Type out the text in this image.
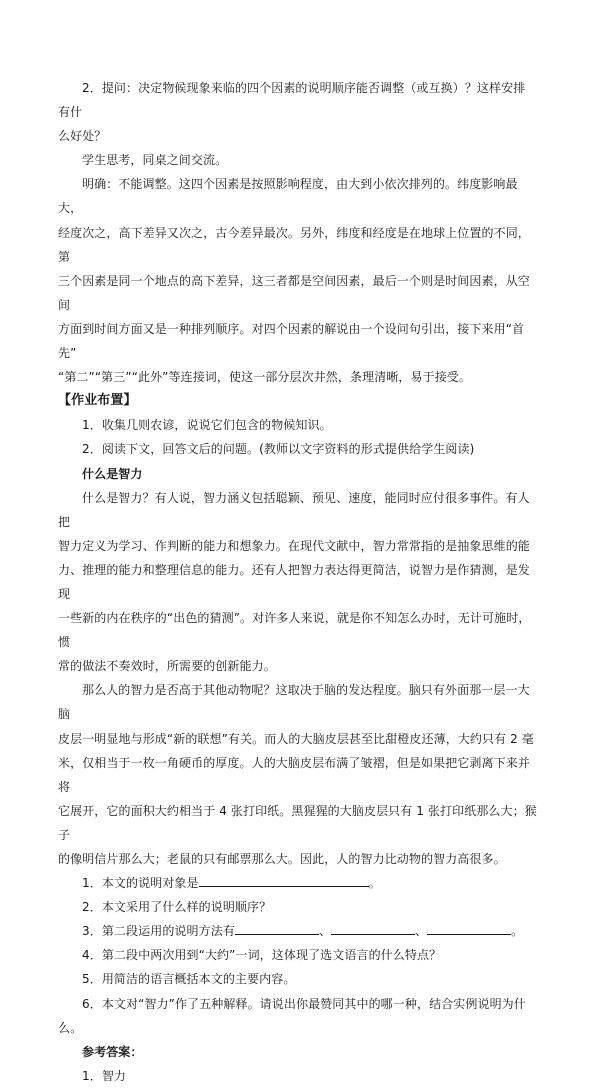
2．提问：决定物候现象来临的四个因素的说明顺序能否调整（或互换）？这样安排有什

么好处？

学生思考，同桌之间交流。

明确：不能调整。这四个因素是按照影响程度，由大到小依次排列的。纬度影响最大，

经度次之，高下差异又次之，古今差异最次。另外，纬度和经度是在地球上位置的不同，第

三个因素是同一个地点的高下差异，这三者都是空间因素，最后一个则是时间因素，从空间

方面到时间方面又是一种排列顺序。对四个因素的解说由一个设问句引出，接下来用“首先”

“第二”“第三”“此外”等连接词，使这一部分层次井然，条理清晰，易于接受。

【作业布置】

1．收集几则农谚，说说它们包含的物候知识。

2．阅读下文，回答文后的问题。(教师以文字资料的形式提供给学生阅读)

什么是智力

什么是智力？有人说，智力涵义包括聪颖、预见、速度，能同时应付很多事件。有人把

智力定义为学习、作判断的能力和想象力。在现代文献中，智力常常指的是抽象思维的能

力、推理的能力和整理信息的能力。还有人把智力表达得更简洁，说智力是作猜测，是发现

一些新的内在秩序的“出色的猜测”。对许多人来说，就是你不知怎么办时，无计可施时，惯

常的做法不奏效时，所需要的创新能力。

那么人的智力是否高于其他动物呢？这取决于脑的发达程度。脑只有外面那一层一大脑

皮层一明显地与形成“新的联想”有关。而人的大脑皮层甚至比甜橙皮还薄，大约只有 2 毫

米，仅相当于一枚一角硬币的厚度。人的大脑皮层布满了皱褶，但是如果把它剥离下来并将

它展开，它的面积大约相当于 4 张打印纸。黑猩猩的大脑皮层只有 1 张打印纸那么大；猴子

的像明信片那么大；老鼠的只有邮票那么大。因此，人的智力比动物的智力高很多。

1．本文的说明对象是	。

2．本文采用了什么样的说明顺序？

3．第二段运用的说明方法有	、	、	。

4．第二段中两次用到“大约”一词，这体现了选文语言的什么特点？

5．用简洁的语言概括本文的主要内容。

6．本文对“智力”作了五种解释。请说出你最赞同其中的哪一种，结合实例说明为什

么。

参考答案：

1．智力
